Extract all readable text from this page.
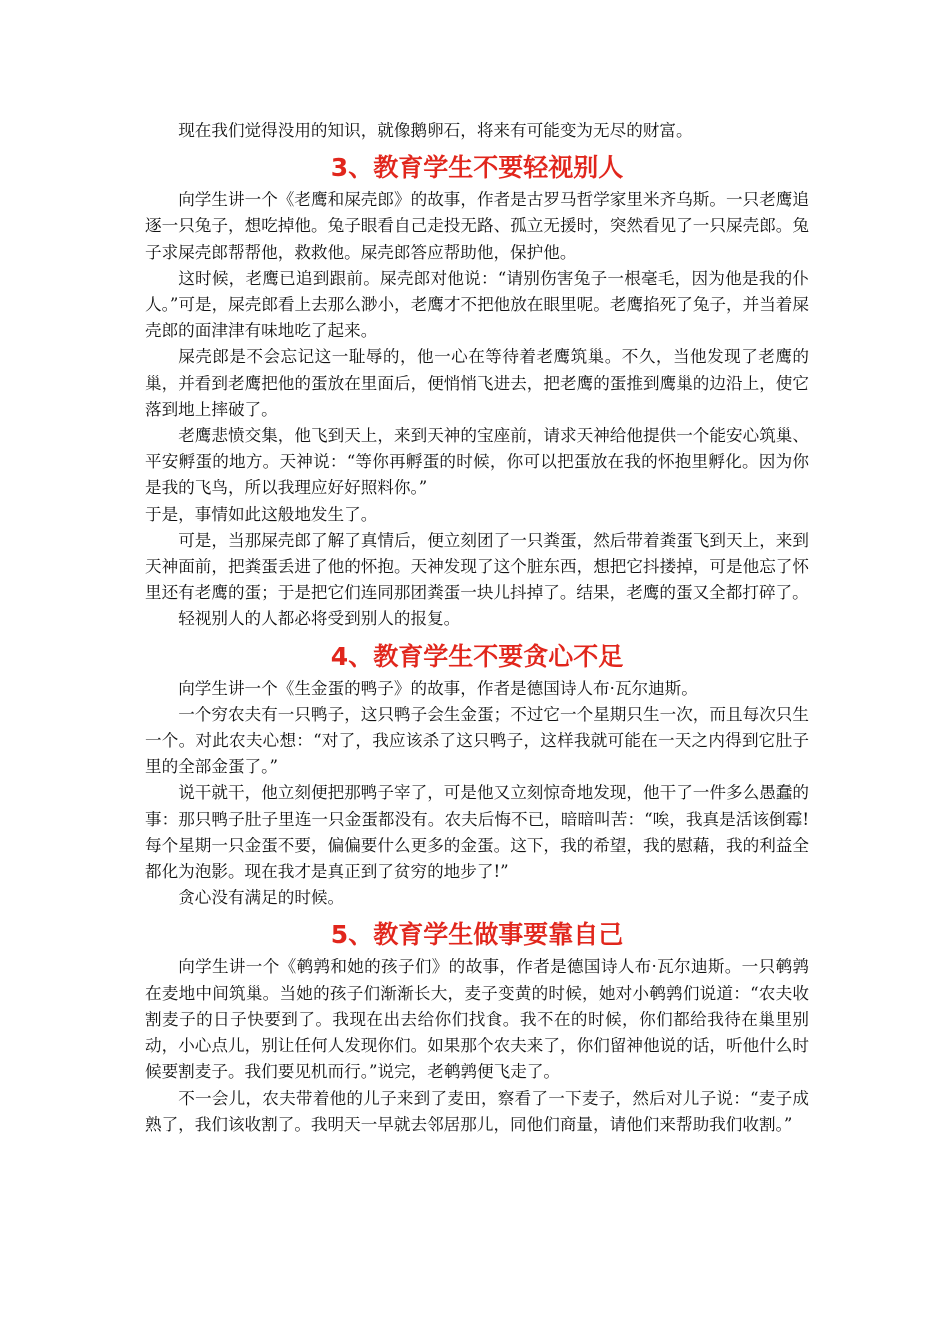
现在我们觉得没用的知识，就像鹅卵石，将来有可能变为无尽的财富。

3、教育学生不要轻视别人

向学生讲一个《老鹰和屎壳郎》的故事，作者是古罗马哲学家里米齐乌斯。一只老鹰追逐一只兔子，想吃掉他。兔子眼看自己走投无路、孤立无援时，突然看见了一只屎壳郎。兔子求屎壳郎帮帮他，救救他。屎壳郎答应帮助他，保护他。

这时候，老鹰已追到跟前。屎壳郎对他说：“请别伤害兔子一根毫毛，因为他是我的仆人。”可是，屎壳郎看上去那么渺小，老鹰才不把他放在眼里呢。老鹰掐死了兔子，并当着屎壳郎的面津津有味地吃了起来。

屎壳郎是不会忘记这一耻辱的，他一心在等待着老鹰筑巢。不久，当他发现了老鹰的巢，并看到老鹰把他的蛋放在里面后，便悄悄飞进去，把老鹰的蛋推到鹰巢的边沿上，使它落到地上摔破了。

老鹰悲愤交集，他飞到天上，来到天神的宝座前，请求天神给他提供一个能安心筑巢、平安孵蛋的地方。天神说：“等你再孵蛋的时候，你可以把蛋放在我的怀抱里孵化。因为你是我的飞鸟，所以我理应好好照料你。”

于是，事情如此这般地发生了。

可是，当那屎壳郎了解了真情后，便立刻团了一只粪蛋，然后带着粪蛋飞到天上，来到天神面前，把粪蛋丢进了他的怀抱。天神发现了这个脏东西，想把它抖搂掉，可是他忘了怀里还有老鹰的蛋；于是把它们连同那团粪蛋一块儿抖掉了。结果，老鹰的蛋又全都打碎了。

轻视别人的人都必将受到别人的报复。

4、教育学生不要贪心不足

向学生讲一个《生金蛋的鸭子》的故事，作者是德国诗人布·瓦尔迪斯。

一个穷农夫有一只鸭子，这只鸭子会生金蛋；不过它一个星期只生一次，而且每次只生一个。对此农夫心想：“对了，我应该杀了这只鸭子，这样我就可能在一天之内得到它肚子里的全部金蛋了。”

说干就干，他立刻便把那鸭子宰了，可是他又立刻惊奇地发现，他干了一件多么愚蠢的事：那只鸭子肚子里连一只金蛋都没有。农夫后悔不已，暗暗叫苦：“唉，我真是活该倒霉!每个星期一只金蛋不要，偏偏要什么更多的金蛋。这下，我的希望，我的慰藉，我的利益全都化为泡影。现在我才是真正到了贫穷的地步了!”

贪心没有满足的时候。

5、教育学生做事要靠自己

向学生讲一个《鹌鹑和她的孩子们》的故事，作者是德国诗人布·瓦尔迪斯。一只鹌鹑在麦地中间筑巢。当她的孩子们渐渐长大，麦子变黄的时候，她对小鹌鹑们说道：“农夫收割麦子的日子快要到了。我现在出去给你们找食。我不在的时候，你们都给我待在巢里别动，小心点儿，别让任何人发现你们。如果那个农夫来了，你们留神他说的话，听他什么时候要割麦子。我们要见机而行。”说完，老鹌鹑便飞走了。

不一会儿，农夫带着他的儿子来到了麦田，察看了一下麦子，然后对儿子说：“麦子成熟了，我们该收割了。我明天一早就去邻居那儿，同他们商量，请他们来帮助我们收割。”
